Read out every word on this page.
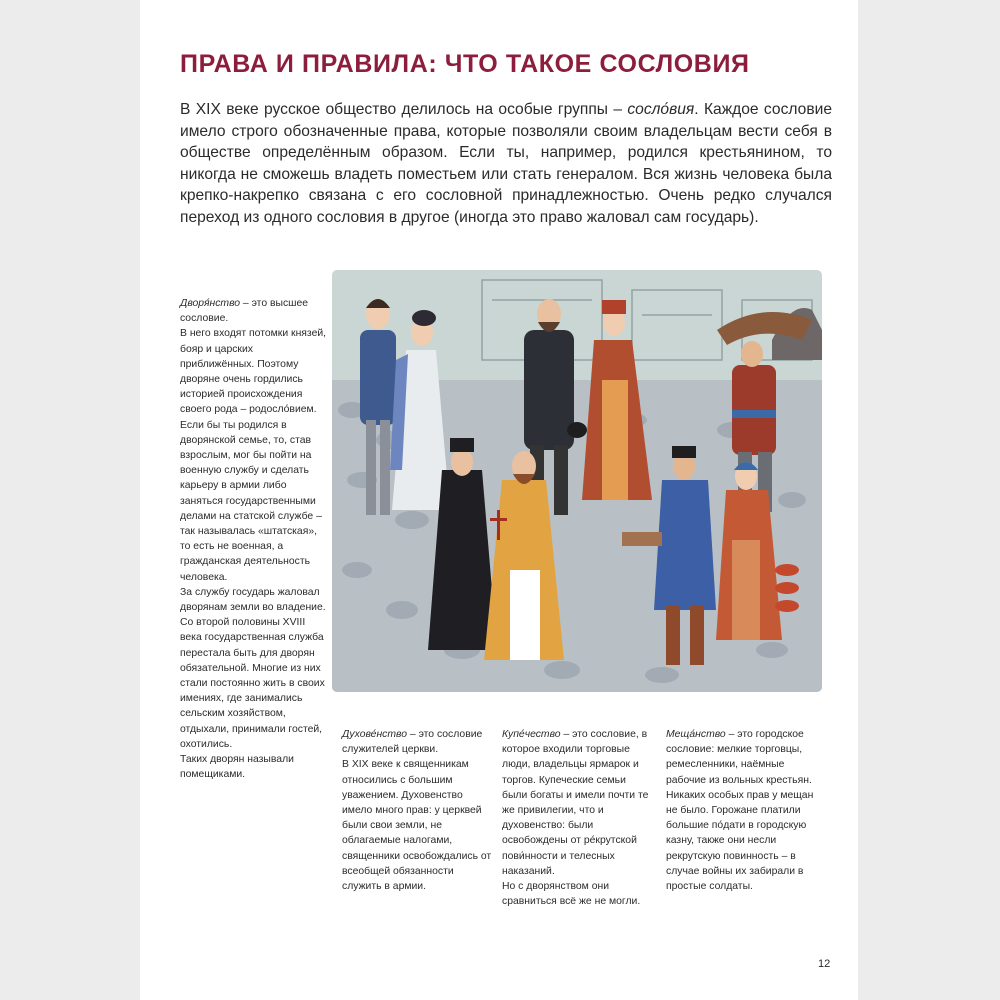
ПРАВА И ПРАВИЛА: ЧТО ТАКОЕ СОСЛОВИЯ

В XIX веке русское общество делилось на особые группы – сосло́вия. Каждое сословие имело строго обозначенные права, которые позволяли своим владельцам вести себя в обществе определённым образом. Если ты, например, родился крестьянином, то никогда не сможешь владеть поместьем или стать генералом. Вся жизнь человека была крепко-накрепко связана с его сословной принадлежностью. Очень редко случался переход из одного сословия в другое (иногда это право жаловал сам государь).

Дворя́нство – это высшее сословие.

В него входят потомки князей, бояр и царских приближённых. Поэтому дворяне очень гордились историей происхождения своего рода – родосло́вием. Если бы ты родился в дворянской семье, то, став взрослым, мог бы пойти на военную службу и сделать карьеру в армии либо заняться государственными делами на статской службе – так называлась «штатская», то есть не военная, а гражданская деятельность человека.

За службу государь жаловал дворянам земли во владение. Со второй половины XVIII века государственная служба перестала быть для дворян обязательной. Многие из них стали постоянно жить в своих имениях, где занимались сельским хозяйством, отдыхали, принимали гостей, охотились.

Таких дворян называли помещиками.

Духове́нство – это сословие служителей церкви.

В XIX веке к священникам относились с большим уважением. Духовенство имело много прав: у церквей были свои земли, не облагаемые налогами, священники освобождались от всеобщей обязанности служить в армии.

Купе́чество – это сословие, в которое входили торговые люди, владельцы ярмарок и торгов. Купеческие семьи были богаты и имели почти те же привилегии, что и духовенство: были освобождены от ре́крутской пови́нности и телесных наказаний.

Но с дворянством они сравниться всё же не могли.

Меща́нство – это городское сословие: мелкие торговцы, ремесленники, наёмные рабочие из вольных крестьян.

Никаких особых прав у мещан не было. Горожане платили большие по́дати в городскую казну, также они несли рекрутскую повинность – в случае войны их забирали в простые солдаты.

12
